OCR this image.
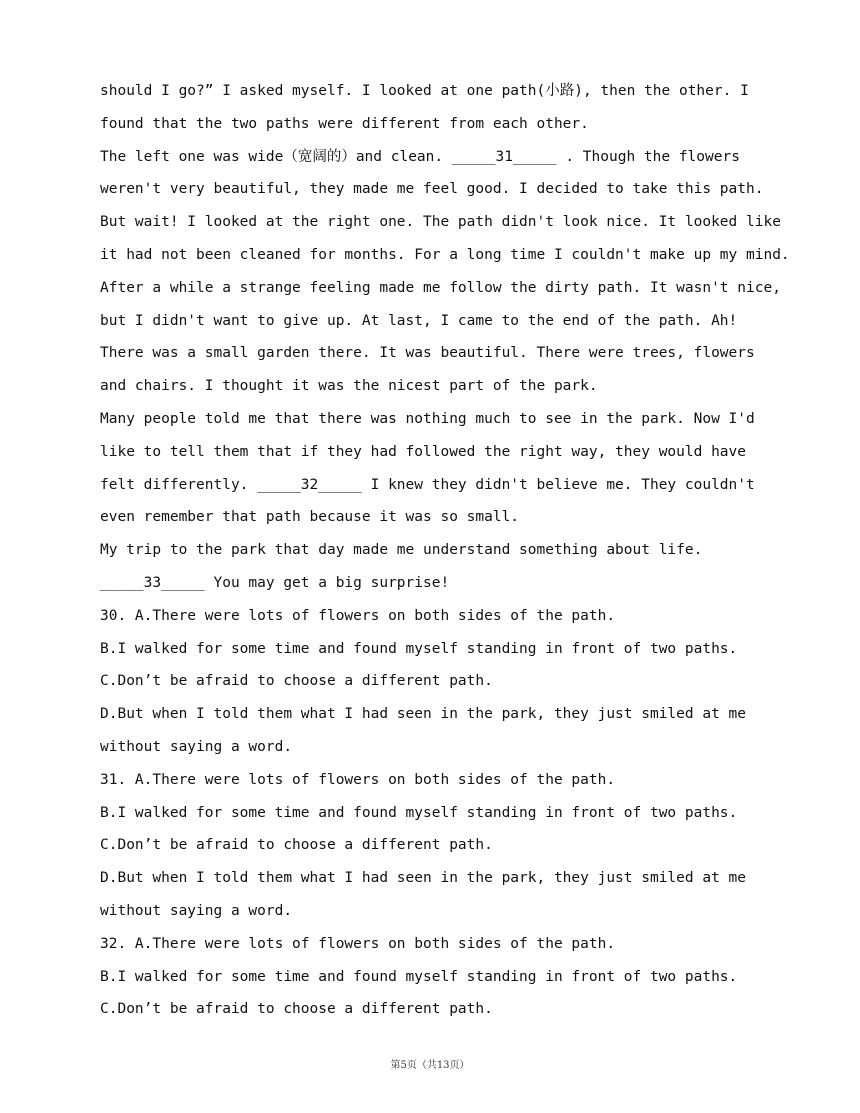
should I go?” I asked myself. I looked at one path(小路), then the other. I
found that the two paths were different from each other.
The left one was wide（宽阔的）and clean. _____31_____ . Though the flowers
weren't very beautiful, they made me feel good. I decided to take this path.
But wait! I looked at the right one. The path didn't look nice. It looked like
it had not been cleaned for months. For a long time I couldn't make up my mind.
After a while a strange feeling made me follow the dirty path. It wasn't nice,
but I didn't want to give up. At last, I came to the end of the path. Ah!
There was a small garden there. It was beautiful. There were trees, flowers
and chairs. I thought it was the nicest part of the park.
Many people told me that there was nothing much to see in the park. Now I'd
like to tell them that if they had followed the right way, they would have
felt differently. _____32_____ I knew they didn't believe me. They couldn't
even remember that path because it was so small.
My trip to the park that day made me understand something about life.
_____33_____ You may get a big surprise!
30. A.There were lots of flowers on both sides of the path.
B.I walked for some time and found myself standing in front of two paths.
C.Don’t be afraid to choose a different path.
D.But when I told them what I had seen in the park, they just smiled at me
without saying a word.
31. A.There were lots of flowers on both sides of the path.
B.I walked for some time and found myself standing in front of two paths.
C.Don’t be afraid to choose a different path.
D.But when I told them what I had seen in the park, they just smiled at me
without saying a word.
32. A.There were lots of flowers on both sides of the path.
B.I walked for some time and found myself standing in front of two paths.
C.Don’t be afraid to choose a different path.
第5页（共13页）
